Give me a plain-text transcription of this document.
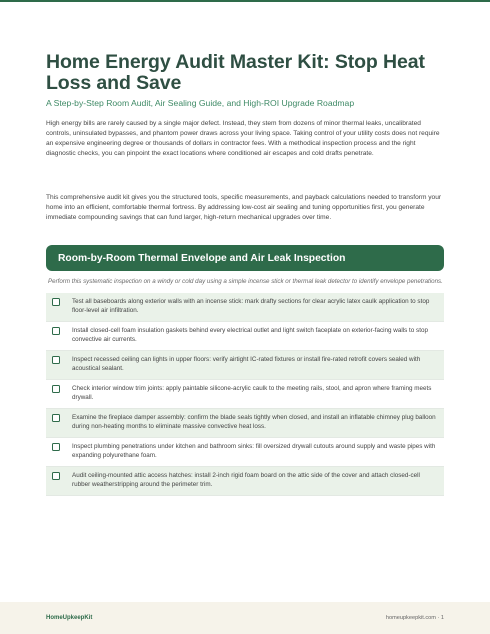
Home Energy Audit Master Kit: Stop Heat Loss and Save
A Step-by-Step Room Audit, Air Sealing Guide, and High-ROI Upgrade Roadmap

High energy bills are rarely caused by a single major defect. Instead, they stem from dozens of minor thermal leaks, uncalibrated controls, uninsulated bypasses, and phantom power draws across your living space. Taking control of your utility costs does not require an expensive engineering degree or thousands of dollars in contractor fees. With a methodical inspection process and the right diagnostic checks, you can pinpoint the exact locations where conditioned air escapes and cold drafts penetrate.

This comprehensive audit kit gives you the structured tools, specific measurements, and payback calculations needed to transform your home into an efficient, comfortable thermal fortress. By addressing low-cost air sealing and tuning opportunities first, you generate immediate compounding savings that can fund larger, high-return mechanical upgrades over time.

Room-by-Room Thermal Envelope and Air Leak Inspection

Perform this systematic inspection on a windy or cold day using a simple incense stick or thermal leak detector to identify envelope penetrations.

Test all baseboards along exterior walls with an incense stick: mark drafty sections for clear acrylic latex caulk application to stop floor-level air infiltration.
Install closed-cell foam insulation gaskets behind every electrical outlet and light switch faceplate on exterior-facing walls to stop convective air currents.
Inspect recessed ceiling can lights in upper floors: verify airtight IC-rated fixtures or install fire-rated retrofit covers sealed with acoustical sealant.
Check interior window trim joints: apply paintable silicone-acrylic caulk to the meeting rails, stool, and apron where framing meets drywall.
Examine the fireplace damper assembly: confirm the blade seals tightly when closed, and install an inflatable chimney plug balloon during non-heating months to eliminate massive convective heat loss.
Inspect plumbing penetrations under kitchen and bathroom sinks: fill oversized drywall cutouts around supply and waste pipes with expanding polyurethane foam.
Audit ceiling-mounted attic access hatches: install 2-inch rigid foam board on the attic side of the cover and attach closed-cell rubber weatherstripping around the perimeter trim.
HomeUpkeepKit	homeupkeepkit.com · 1
